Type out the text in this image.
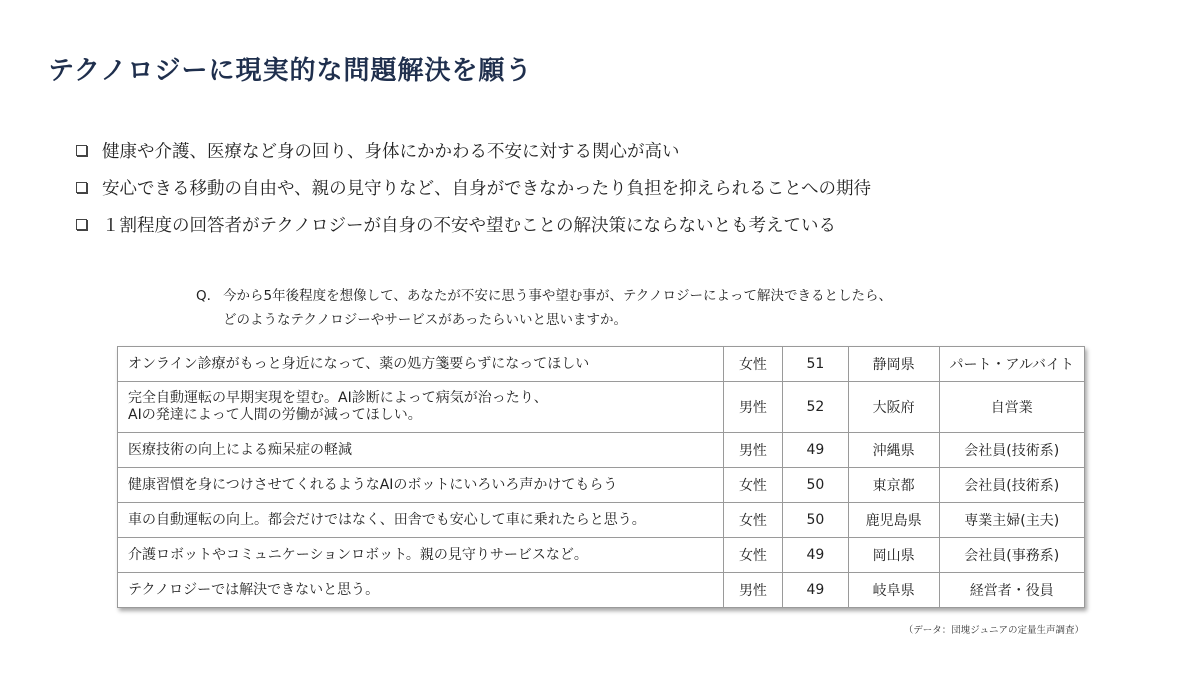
テクノロジーに現実的な問題解決を願う
健康や介護、医療など身の回り、身体にかかわる不安に対する関心が高い
安心できる移動の自由や、親の見守りなど、自身ができなかったり負担を抑えられることへの期待
１割程度の回答者がテクノロジーが自身の不安や望むことの解決策にならないとも考えている
Q. 今から5年後程度を想像して、あなたが不安に思う事や望む事が、テクノロジーによって解決できるとしたら、
どのようなテクノロジーやサービスがあったらいいと思いますか。
オンライン診療がもっと身近になって、薬の処方箋要らずになってほしい	女性	51	静岡県	パート・アルバイト
完全自動運転の早期実現を望む。AI診断によって病気が治ったり、
AIの発達によって人間の労働が減ってほしい。	男性	52	大阪府	自営業
医療技術の向上による痴呆症の軽減	男性	49	沖縄県	会社員(技術系)
健康習慣を身につけさせてくれるようなAIのボットにいろいろ声かけてもらう	女性	50	東京都	会社員(技術系)
車の自動運転の向上。都会だけではなく、田舎でも安心して車に乗れたらと思う。	女性	50	鹿児島県	専業主婦(主夫)
介護ロボットやコミュニケーションロボット。親の見守りサービスなど。	女性	49	岡山県	会社員(事務系)
テクノロジーでは解決できないと思う。	男性	49	岐阜県	経営者・役員
（データ：団塊ジュニアの定量生声調査）
